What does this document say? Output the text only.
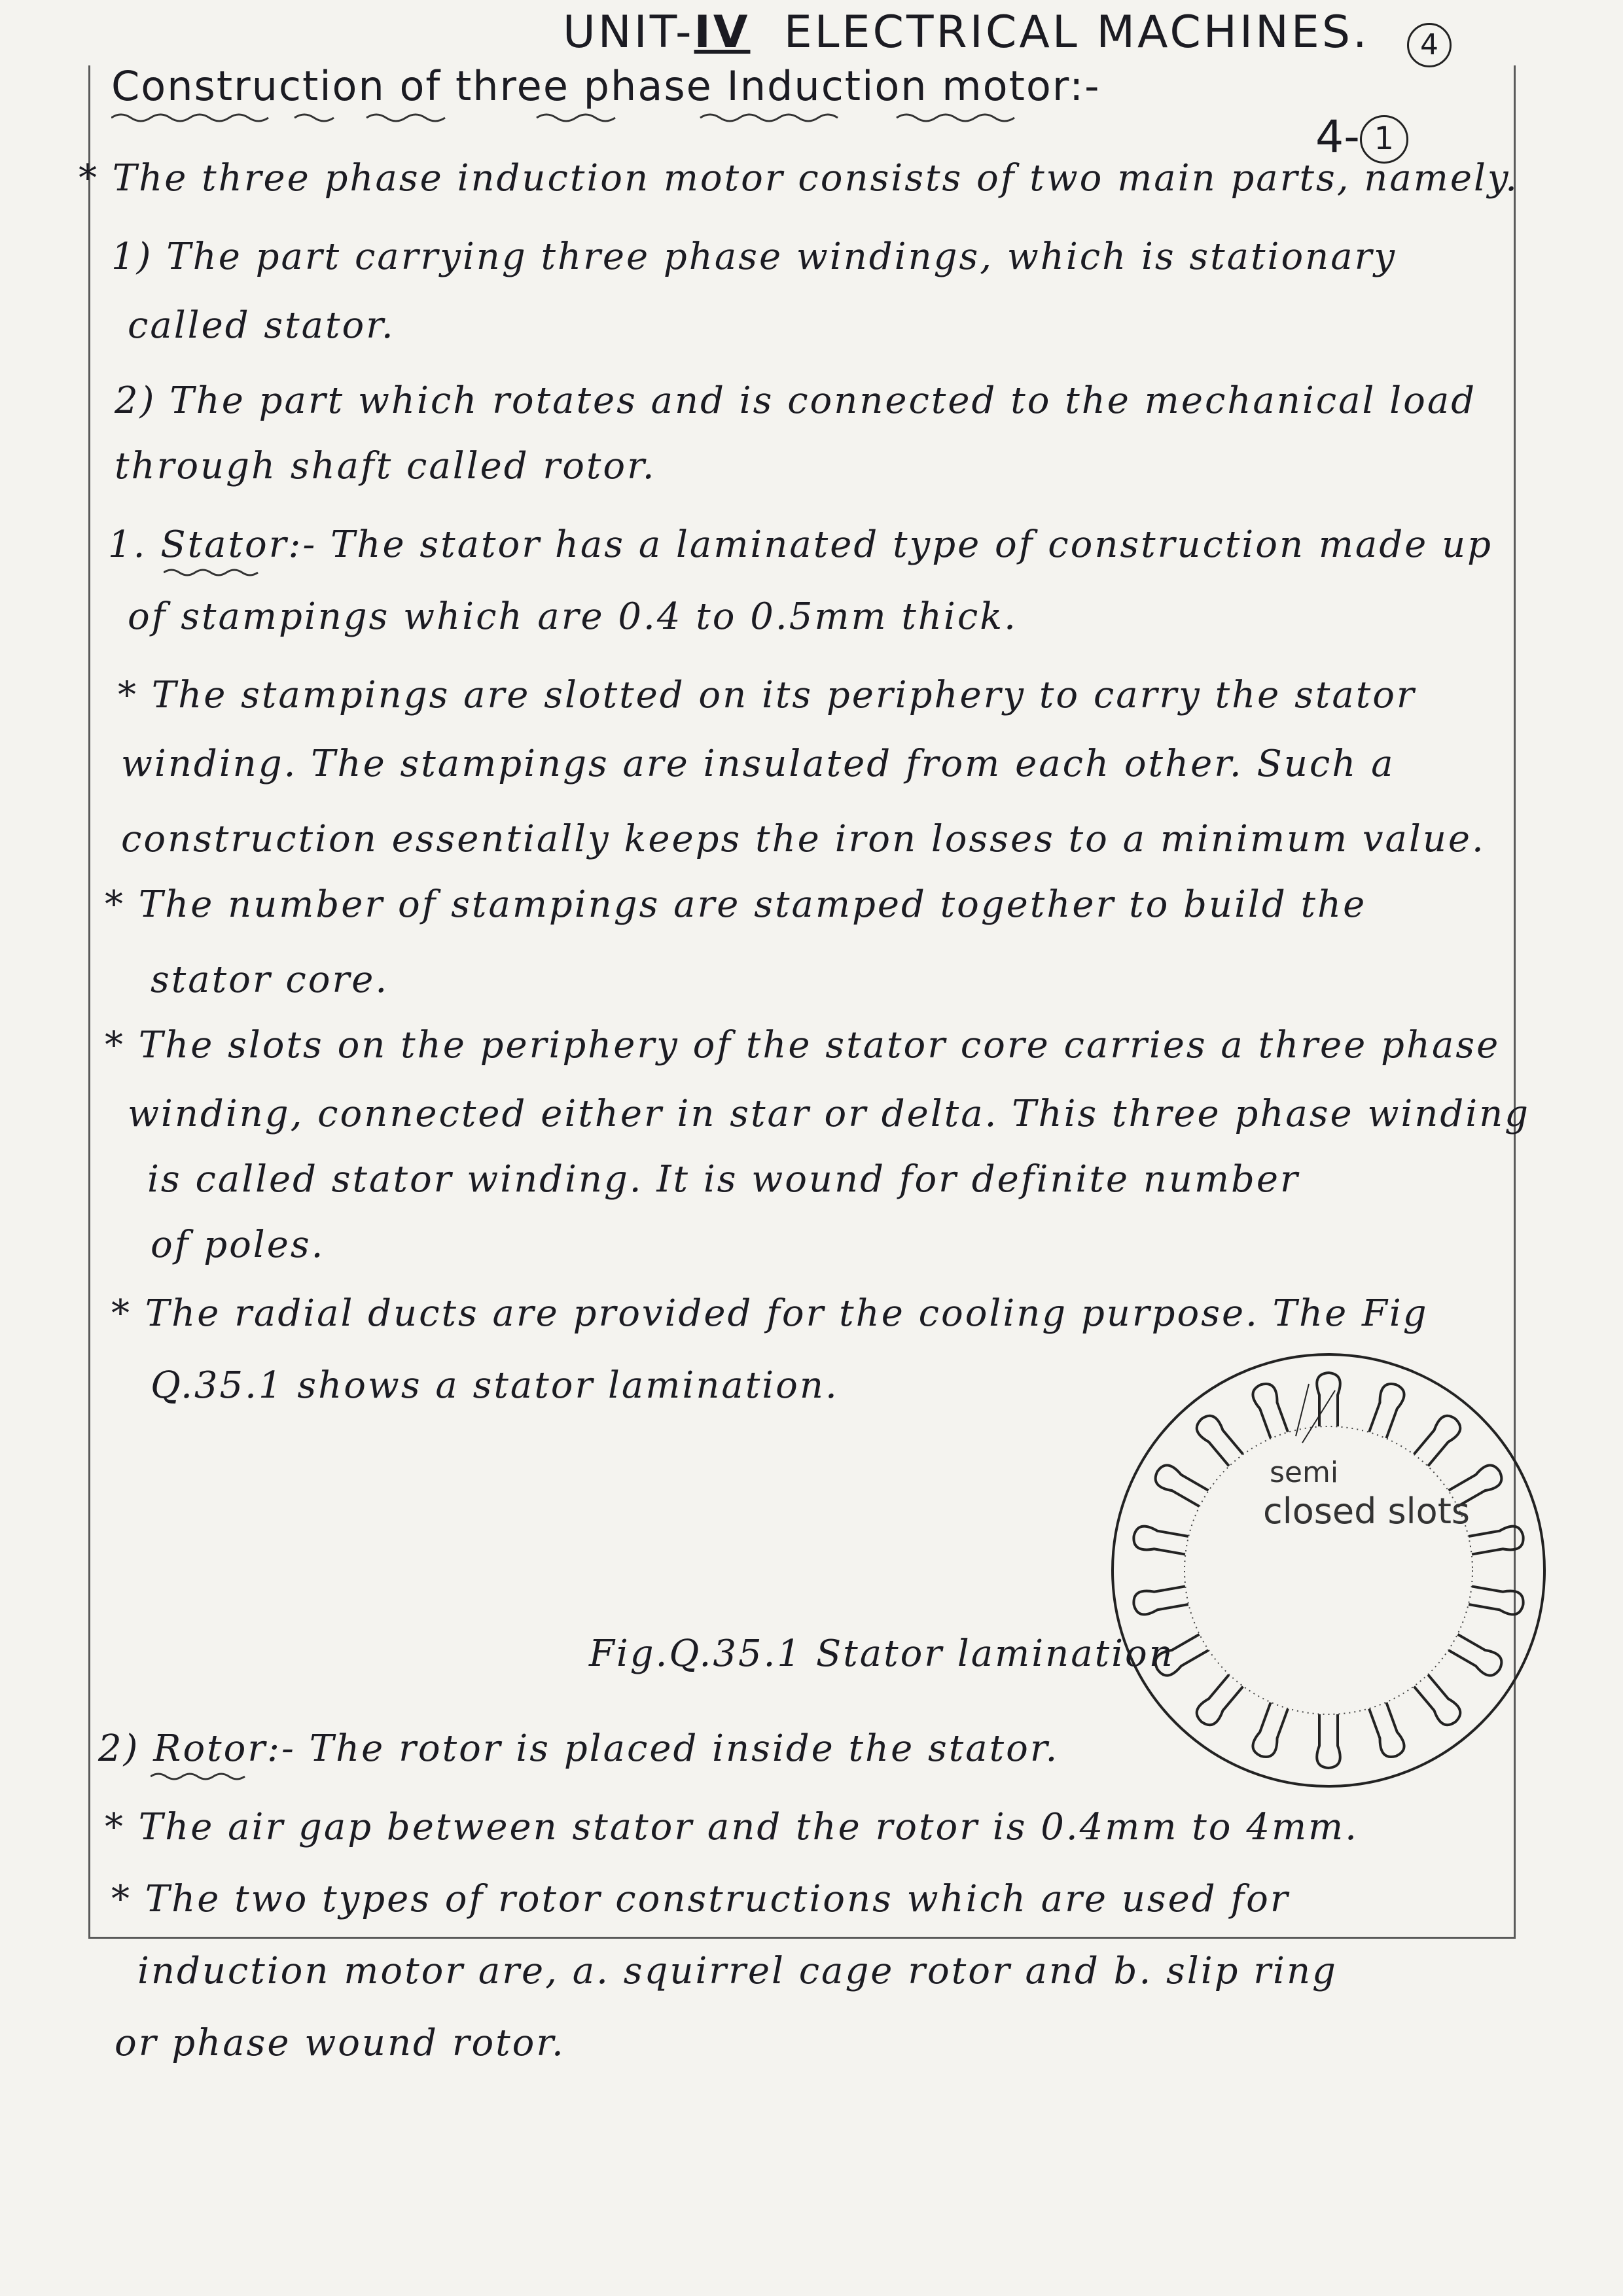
UNIT-IV ELECTRICAL MACHINES.	4
Construction of three phase Induction motor:-
4- 1
* The three phase induction motor consists of two main parts, namely.
1) The part carrying three phase windings, which is stationary
called stator.
2) The part which rotates and is connected to the mechanical load
through shaft called rotor.
1. Stator:- The stator has a laminated type of construction made up
of stampings which are 0.4 to 0.5mm thick.
* The stampings are slotted on its periphery to carry the stator
winding. The stampings are insulated from each other. Such a
construction essentially keeps the iron losses to a minimum value.
* The number of stampings are stamped together to build the
stator core.
* The slots on the periphery of the stator core carries a three phase
winding, connected either in star or delta. This three phase winding
is called stator winding. It is wound for definite number
of poles.
* The radial ducts are provided for the cooling purpose. The Fig
Q.35.1 shows a stator lamination.
semi
closed slots
Fig.Q.35.1 Stator lamination
2) Rotor:- The rotor is placed inside the stator.
* The air gap between stator and the rotor is 0.4mm to 4mm.
* The two types of rotor constructions which are used for
induction motor are, a. squirrel cage rotor and b. slip ring
or phase wound rotor.
